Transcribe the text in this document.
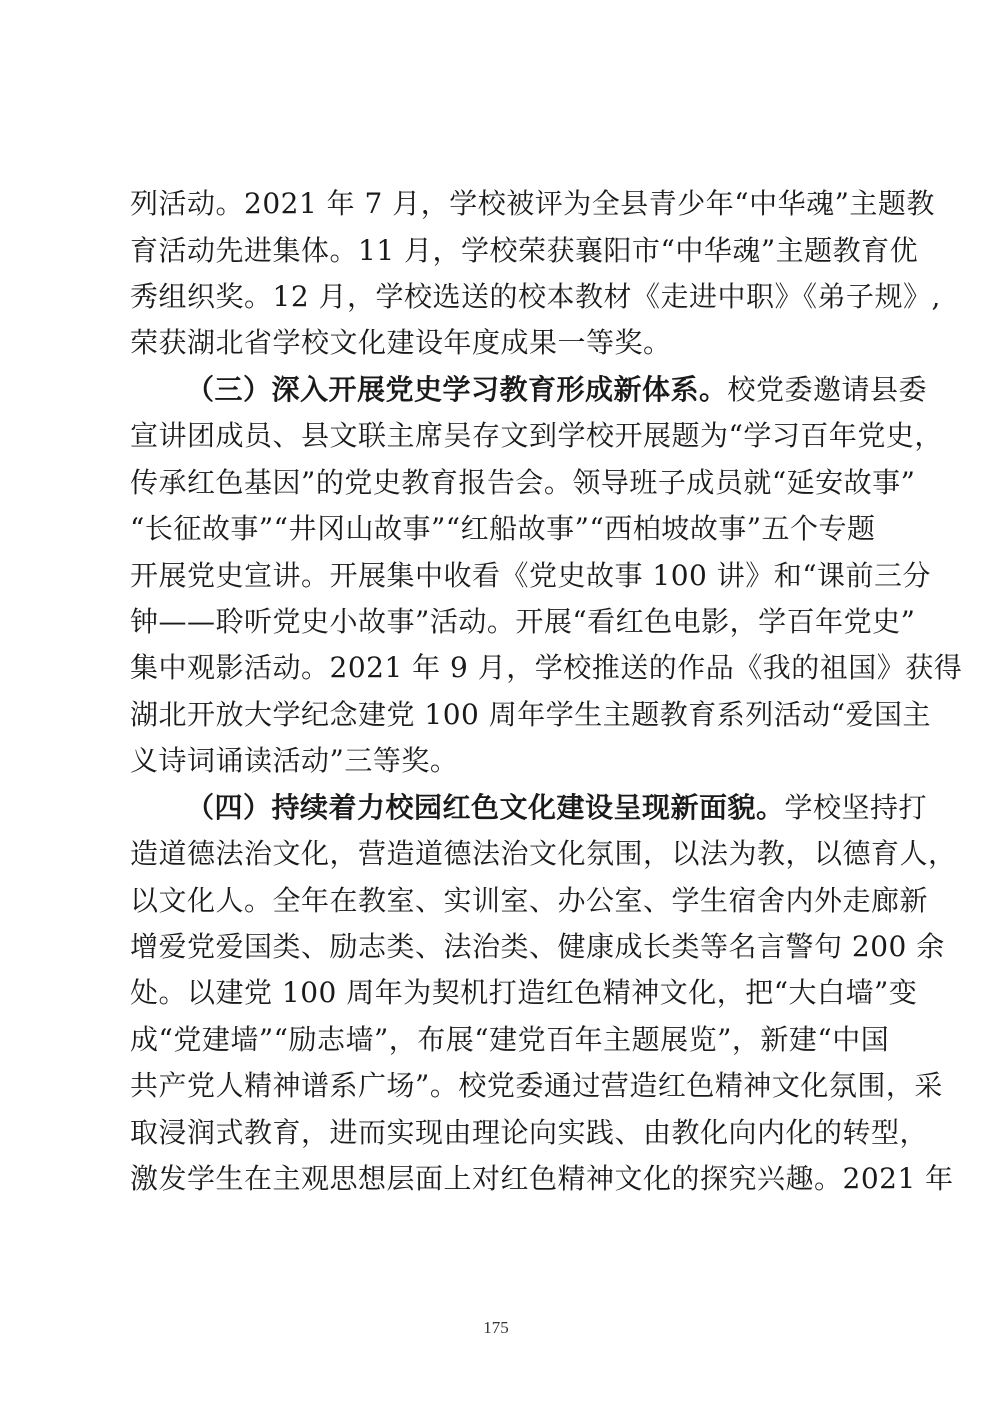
列活动。2021 年 7 月，学校被评为全县青少年“中华魂”主题教
育活动先进集体。11 月，学校荣获襄阳市“中华魂”主题教育优
秀组织奖。12 月，学校选送的校本教材《走进中职》《弟子规》,
荣获湖北省学校文化建设年度成果一等奖。
（三）深入开展党史学习教育形成新体系。校党委邀请县委
宣讲团成员、县文联主席吴存文到学校开展题为“学习百年党史，
传承红色基因”的党史教育报告会。领导班子成员就“延安故事”
“长征故事”“井冈山故事”“红船故事”“西柏坡故事”五个专题
开展党史宣讲。开展集中收看《党史故事 100 讲》和“课前三分
钟——聆听党史小故事”活动。开展“看红色电影，学百年党史”
集中观影活动。2021 年 9 月，学校推送的作品《我的祖国》获得
湖北开放大学纪念建党 100 周年学生主题教育系列活动“爱国主
义诗词诵读活动”三等奖。
（四）持续着力校园红色文化建设呈现新面貌。学校坚持打
造道德法治文化，营造道德法治文化氛围，以法为教，以德育人，
以文化人。全年在教室、实训室、办公室、学生宿舍内外走廊新
增爱党爱国类、励志类、法治类、健康成长类等名言警句 200 余
处。以建党 100 周年为契机打造红色精神文化，把“大白墙”变
成“党建墙”“励志墙”，布展“建党百年主题展览”，新建“中国
共产党人精神谱系广场”。校党委通过营造红色精神文化氛围，采
取浸润式教育，进而实现由理论向实践、由教化向内化的转型，
激发学生在主观思想层面上对红色精神文化的探究兴趣。2021 年
175
